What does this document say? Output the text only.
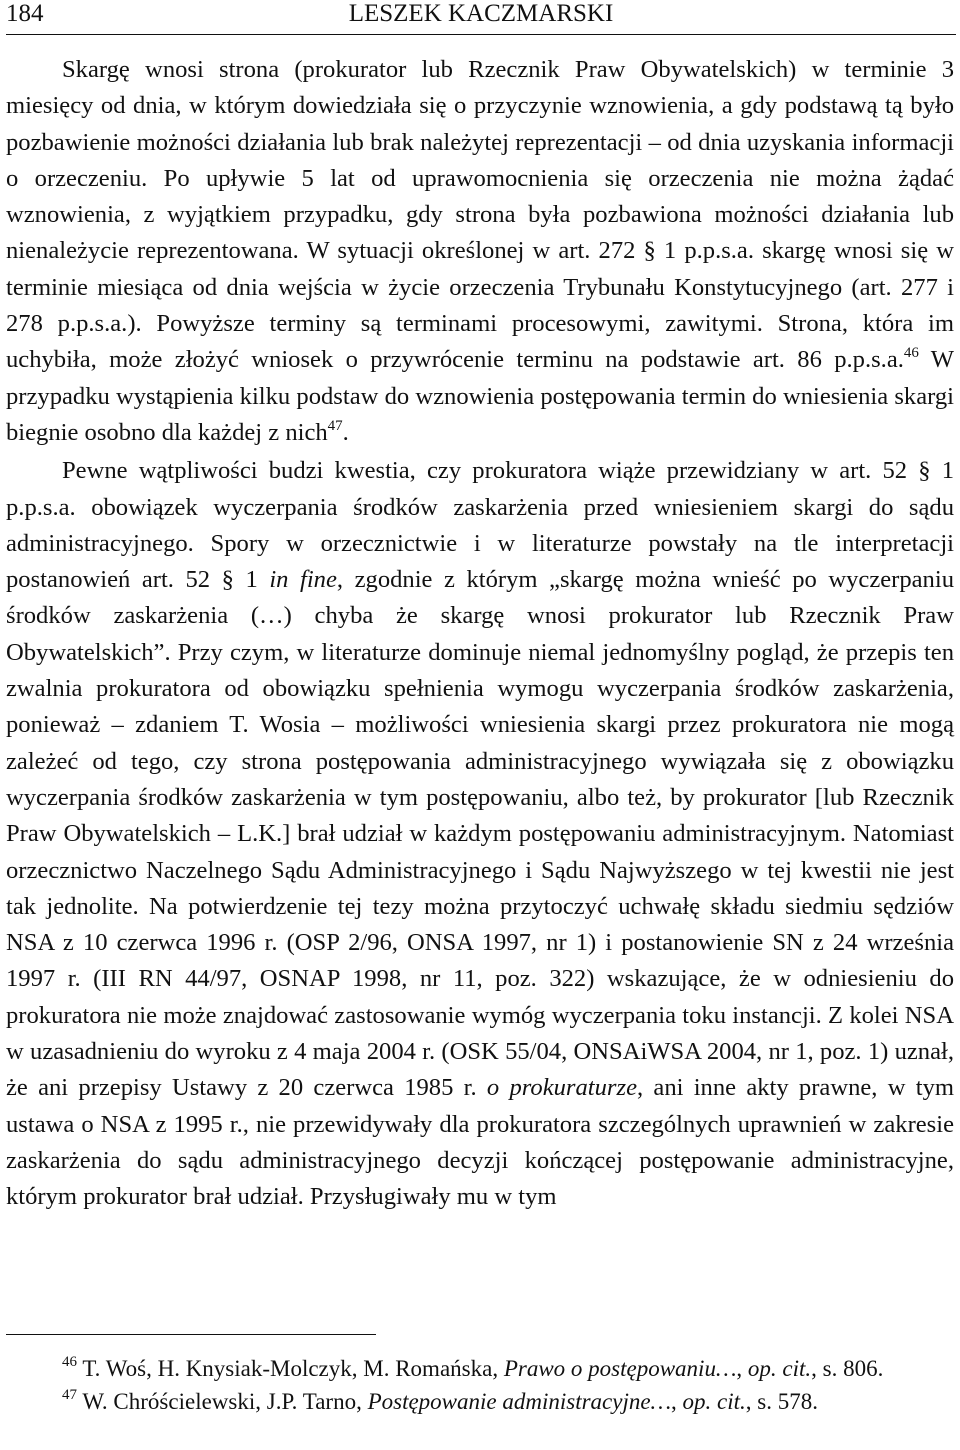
184	LESZEK KACZMARSKI

Skargę wnosi strona (prokurator lub Rzecznik Praw Obywatelskich) w terminie 3 miesięcy od dnia, w którym dowiedziała się o przyczynie wznowienia, a gdy podstawą tą było pozbawienie możności działania lub brak należytej reprezentacji – od dnia uzyskania informacji o orzeczeniu. Po upływie 5 lat od uprawomocnienia się orzeczenia nie można żądać wznowienia, z wyjątkiem przypadku, gdy strona była pozbawiona możności działania lub nienależycie reprezentowana. W sytuacji określonej w art. 272 § 1 p.p.s.a. skargę wnosi się w terminie miesiąca od dnia wejścia w życie orzeczenia Trybunału Konstytucyjnego (art. 277 i 278 p.p.s.a.). Powyższe terminy są terminami procesowymi, zawitymi. Strona, która im uchybiła, może złożyć wniosek o przywrócenie terminu na podstawie art. 86 p.p.s.a.$^{46}$ W przypadku wystąpienia kilku podstaw do wznowienia postępowania termin do wniesienia skargi biegnie osobno dla każdej z nich$^{47}$.

Pewne wątpliwości budzi kwestia, czy prokuratora wiąże przewidziany w art. 52 § 1 p.p.s.a. obowiązek wyczerpania środków zaskarżenia przed wniesieniem skargi do sądu administracyjnego. Spory w orzecznictwie i w literaturze powstały na tle interpretacji postanowień art. 52 § 1 in fine, zgodnie z którym „skargę można wnieść po wyczerpaniu środków zaskarżenia (…) chyba że skargę wnosi prokurator lub Rzecznik Praw Obywatelskich”. Przy czym, w literaturze dominuje niemal jednomyślny pogląd, że przepis ten zwalnia prokuratora od obowiązku spełnienia wymogu wyczerpania środków zaskarżenia, ponieważ – zdaniem T. Wosia – możliwości wniesienia skargi przez prokuratora nie mogą zależeć od tego, czy strona postępowania administracyjnego wywiązała się z obowiązku wyczerpania środków zaskarżenia w tym postępowaniu, albo też, by prokurator [lub Rzecznik Praw Obywatelskich – L.K.] brał udział w każdym postępowaniu administracyjnym. Natomiast orzecznictwo Naczelnego Sądu Administracyjnego i Sądu Najwyższego w tej kwestii nie jest tak jednolite. Na potwierdzenie tej tezy można przytoczyć uchwałę składu siedmiu sędziów NSA z 10 czerwca 1996 r. (OSP 2/96, ONSA 1997, nr 1) i postanowienie SN z 24 września 1997 r. (III RN 44/97, OSNAP 1998, nr 11, poz. 322) wskazujące, że w odniesieniu do prokuratora nie może znajdować zastosowanie wymóg wyczerpania toku instancji. Z kolei NSA w uzasadnieniu do wyroku z 4 maja 2004 r. (OSK 55/04, ONSAiWSA 2004, nr 1, poz. 1) uznał, że ani przepisy Ustawy z 20 czerwca 1985 r. o prokuraturze, ani inne akty prawne, w tym ustawa o NSA z 1995 r., nie przewidywały dla prokuratora szczególnych uprawnień w zakresie zaskarżenia do sądu administracyjnego decyzji kończącej postępowanie administracyjne, którym prokurator brał udział. Przysługiwały mu w tym

$^{46}$ T. Woś, H. Knysiak-Molczyk, M. Romańska, Prawo o postępowaniu…, op. cit., s. 806.

$^{47}$ W. Chróścielewski, J.P. Tarno, Postępowanie administracyjne…, op. cit., s. 578.
